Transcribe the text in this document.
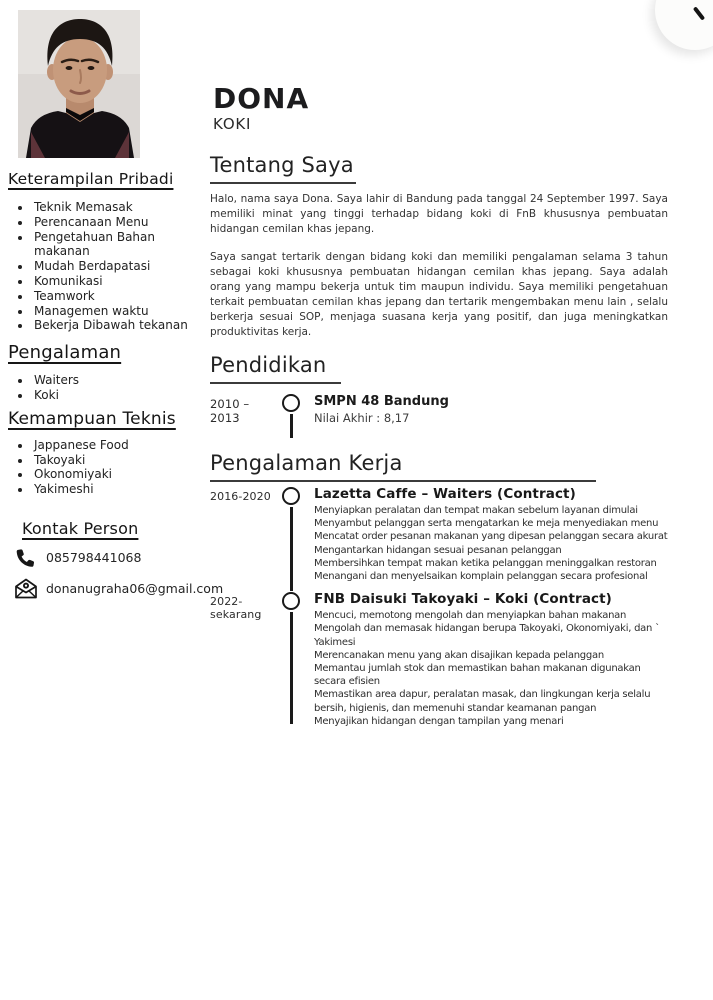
DONA
KOKI
Keterampilan Pribadi
• Teknik Memasak
• Perencanaan Menu
• Pengetahuan Bahan makanan
• Mudah Berdapatasi
• Komunikasi
• Teamwork
• Managemen waktu
• Bekerja Dibawah tekanan
Pengalaman
• Waiters
• Koki
Kemampuan Teknis
• Jappanese Food
• Takoyaki
• Okonomiyaki
• Yakimeshi
Kontak Person
085798441068
donanugraha06@gmail.com
Tentang Saya

Halo, nama saya Dona. Saya lahir di Bandung pada tanggal 24 September 1997. Saya memiliki minat yang tinggi terhadap bidang koki di FnB khususnya pembuatan hidangan cemilan khas jepang.

Saya sangat tertarik dengan bidang koki dan memiliki pengalaman selama 3 tahun sebagai koki khususnya pembuatan hidangan cemilan khas jepang. Saya adalah orang yang mampu bekerja untuk tim maupun individu. Saya memiliki pengetahuan terkait pembuatan cemilan khas jepang dan tertarik mengembakan menu lain , selalu berkerja sesuai SOP, menjaga suasana kerja yang positif, dan juga meningkatkan produktivitas kerja.

Pendidikan
2010 – 2013
SMPN 48 Bandung
Nilai Akhir : 8,17
Pengalaman Kerja
2016-2020	Lazetta Caffe – Waiters (Contract)
Menyiapkan peralatan dan tempat makan sebelum layanan dimulai
Menyambut pelanggan serta mengatarkan ke meja menyediakan menu
Mencatat order pesanan makanan yang dipesan pelanggan secara akurat
Mengantarkan hidangan sesuai pesanan pelanggan
Membersihkan tempat makan ketika pelanggan meninggalkan restoran
Menangani dan menyelsaikan komplain pelanggan secara profesional
2022-sekarang
FNB Daisuki Takoyaki – Koki (Contract)
Mencuci, memotong mengolah dan menyiapkan bahan makanan
Mengolah dan memasak hidangan berupa Takoyaki, Okonomiyaki, dan ` Yakimesi
Merencanakan menu yang akan disajikan kepada pelanggan
Memantau jumlah stok dan memastikan bahan makanan digunakan secara efisien
Memastikan area dapur, peralatan masak, dan lingkungan kerja selalu bersih, higienis, dan memenuhi standar keamanan pangan
Menyajikan hidangan dengan tampilan yang menari
